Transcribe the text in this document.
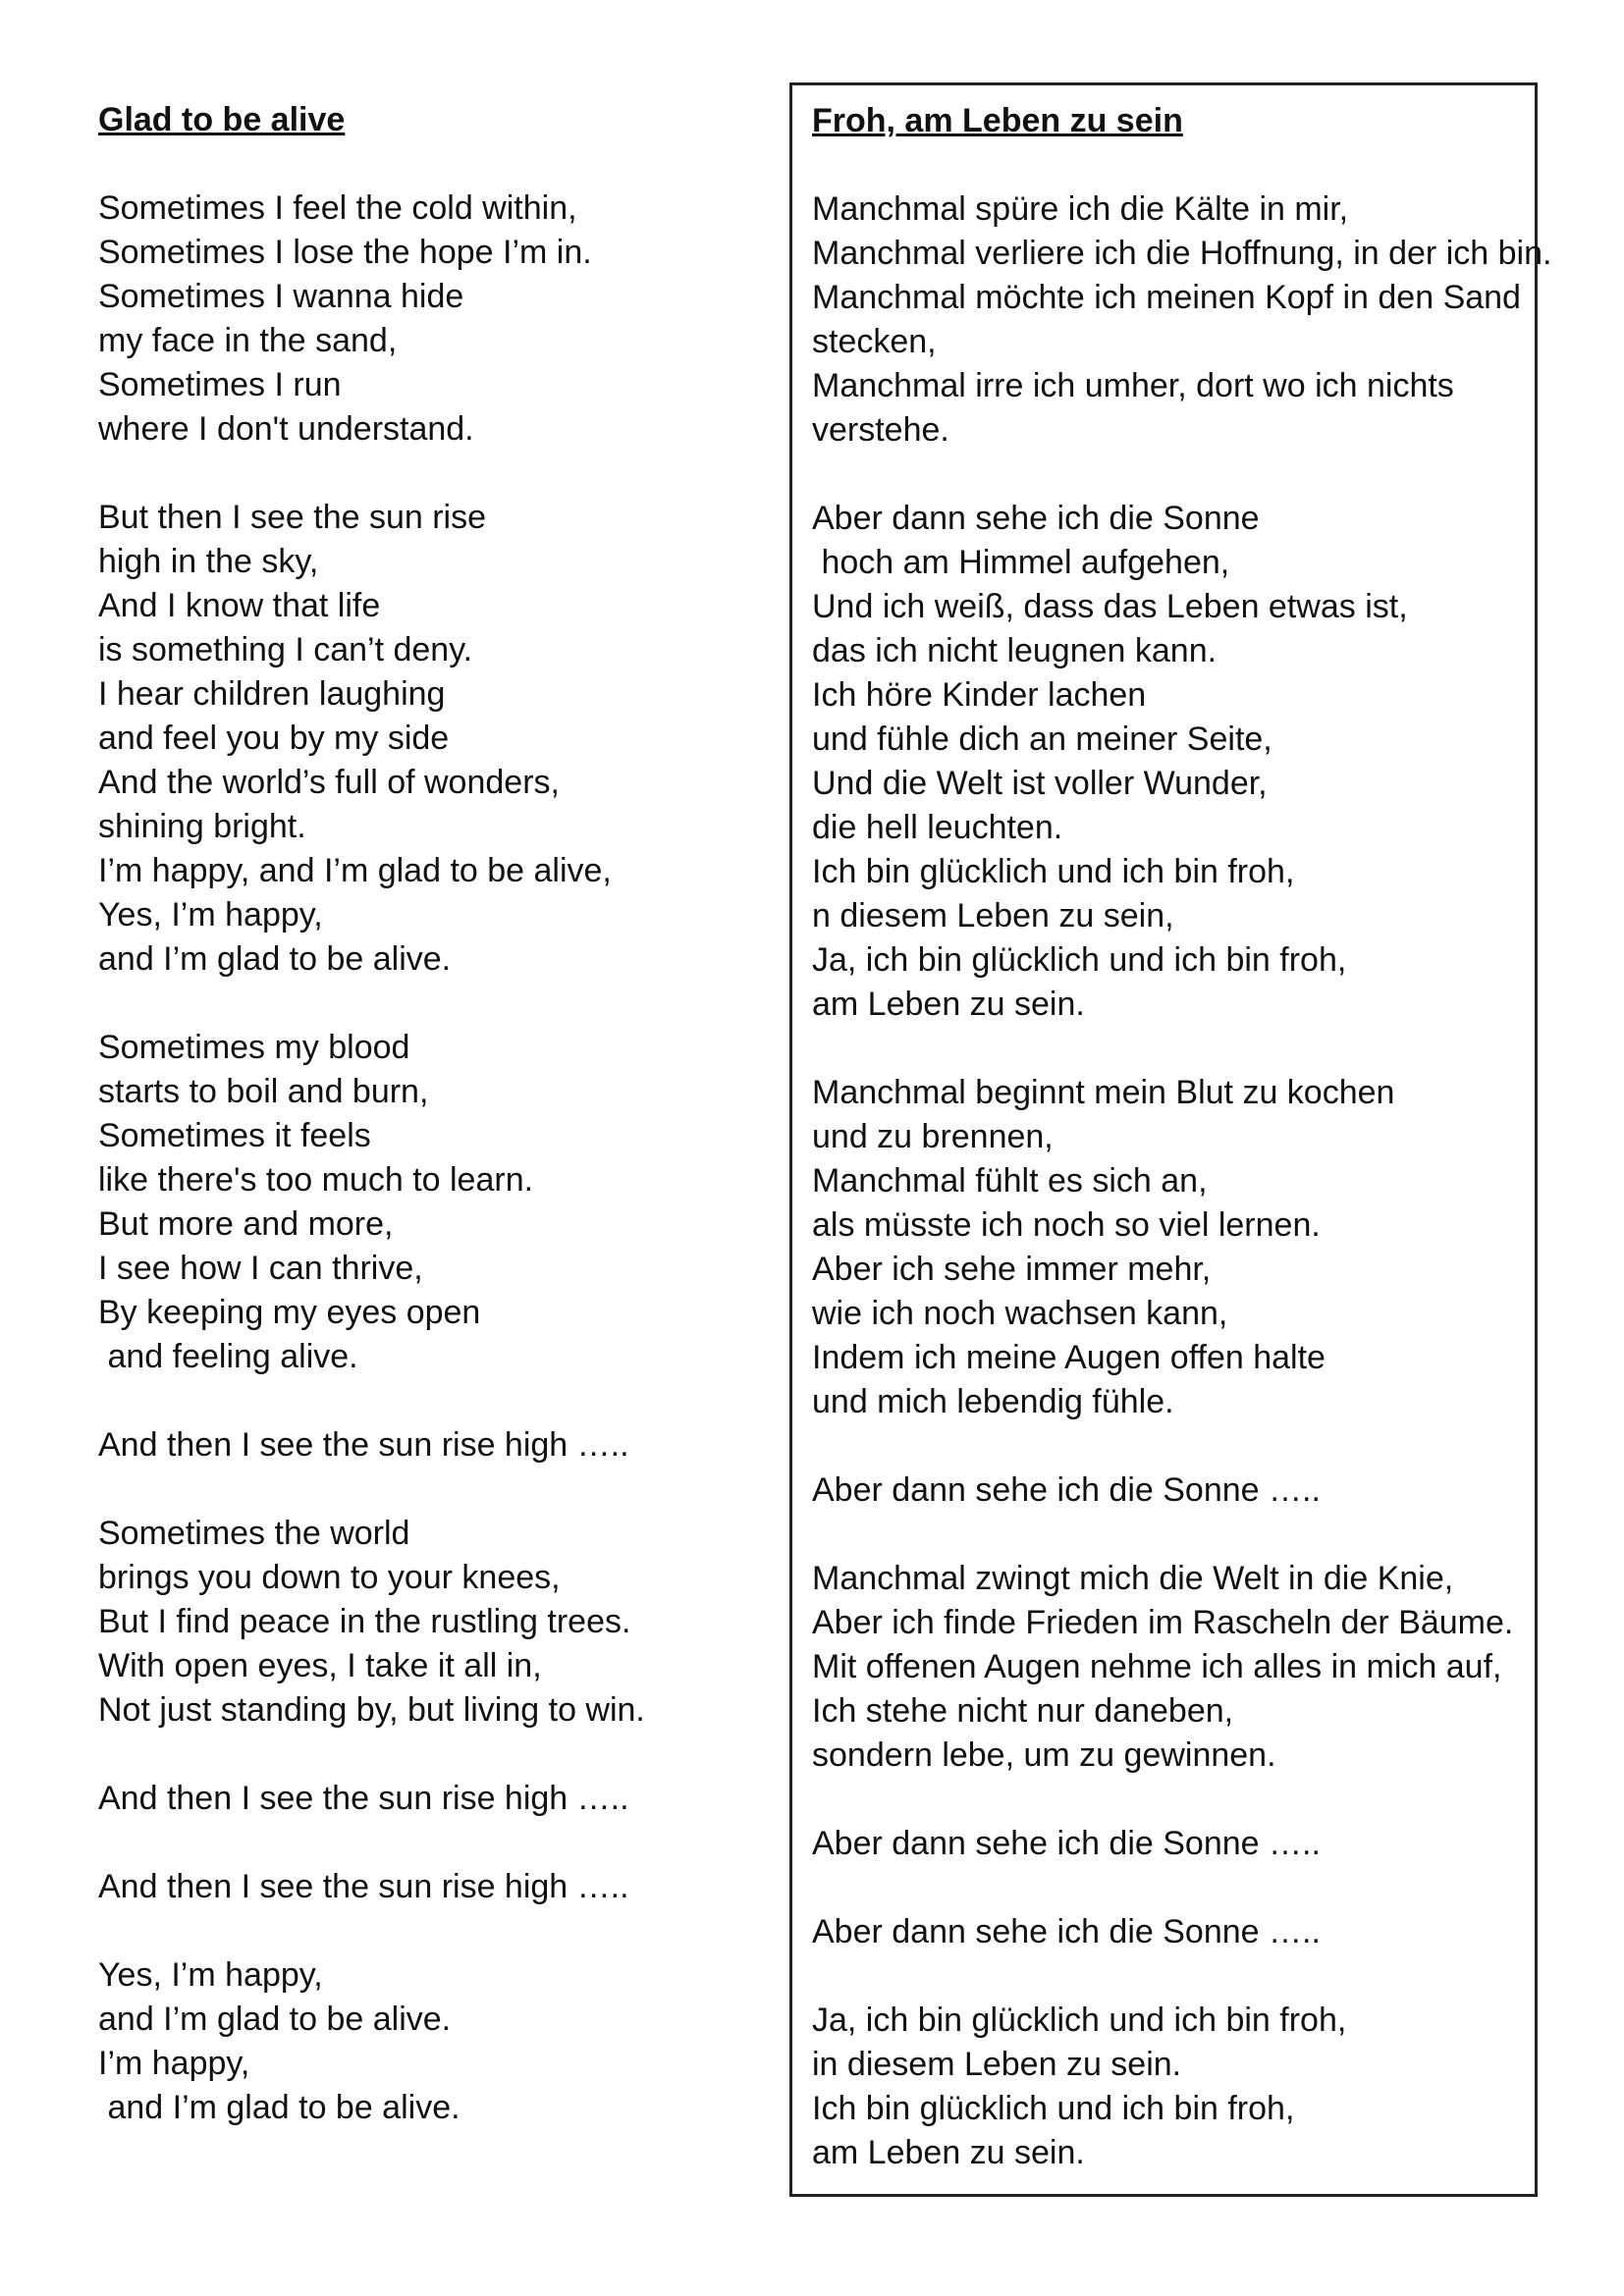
Glad to be alive
Sometimes I feel the cold within,
Sometimes I lose the hope I’m in.
Sometimes I wanna hide
my face in the sand,
Sometimes I run
where I don't understand.
But then I see the sun rise
high in the sky,
And I know that life
is something I can’t deny.
I hear children laughing
and feel you by my side
And the world’s full of wonders,
shining bright.
I’m happy, and I’m glad to be alive,
Yes, I’m happy,
and I’m glad to be alive.
Sometimes my blood
starts to boil and burn,
Sometimes it feels
like there's too much to learn.
But more and more,
I see how I can thrive,
By keeping my eyes open
and feeling alive.
And then I see the sun rise high …..
Sometimes the world
brings you down to your knees,
But I find peace in the rustling trees.
With open eyes, I take it all in,
Not just standing by, but living to win.
And then I see the sun rise high …..
And then I see the sun rise high …..
Yes, I’m happy,
and I’m glad to be alive.
I’m happy,
and I’m glad to be alive.
Froh, am Leben zu sein
Manchmal spüre ich die Kälte in mir,
Manchmal verliere ich die Hoffnung, in der ich bin.
Manchmal möchte ich meinen Kopf in den Sand
stecken,
Manchmal irre ich umher, dort wo ich nichts
verstehe.
Aber dann sehe ich die Sonne
hoch am Himmel aufgehen,
Und ich weiß, dass das Leben etwas ist,
das ich nicht leugnen kann.
Ich höre Kinder lachen
und fühle dich an meiner Seite,
Und die Welt ist voller Wunder,
die hell leuchten.
Ich bin glücklich und ich bin froh,
n diesem Leben zu sein,
Ja, ich bin glücklich und ich bin froh,
am Leben zu sein.
Manchmal beginnt mein Blut zu kochen
und zu brennen,
Manchmal fühlt es sich an,
als müsste ich noch so viel lernen.
Aber ich sehe immer mehr,
wie ich noch wachsen kann,
Indem ich meine Augen offen halte
und mich lebendig fühle.
Aber dann sehe ich die Sonne …..
Manchmal zwingt mich die Welt in die Knie,
Aber ich finde Frieden im Rascheln der Bäume.
Mit offenen Augen nehme ich alles in mich auf,
Ich stehe nicht nur daneben,
sondern lebe, um zu gewinnen.
Aber dann sehe ich die Sonne …..
Aber dann sehe ich die Sonne …..
Ja, ich bin glücklich und ich bin froh,
in diesem Leben zu sein.
Ich bin glücklich und ich bin froh,
am Leben zu sein.
